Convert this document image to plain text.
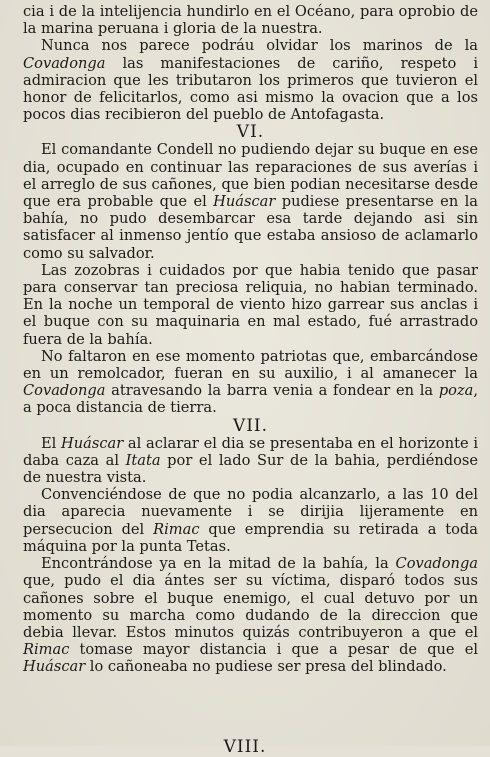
cia i de la intelijencia hundirlo en el Océano, para oprobio de la marina peruana i gloria de la nuestra.

Nunca nos parece podráu olvidar los marinos de la Covadonga las manifestaciones de cariño, respeto i admiracion que les tributaron los primeros que tuvieron el honor de felicitarlos, como asi mismo la ovacion que a los pocos dias recibieron del pueblo de Antofagasta.

VI.

El comandante Condell no pudiendo dejar su buque en ese dia, ocupado en continuar las reparaciones de sus averías i el arreglo de sus cañones, que bien podian necesitarse desde que era probable que el Huáscar pudiese presentarse en la bahía, no pudo desembarcar esa tarde dejando asi sin satisfacer al inmenso jentío que estaba ansioso de aclamarlo como su salvador.

Las zozobras i cuidados por que habia tenido que pasar para conservar tan preciosa reliquia, no habian terminado. En la noche un temporal de viento hizo garrear sus anclas i el buque con su maquinaria en mal estado, fué arrastrado fuera de la bahía.

No faltaron en ese momento patriotas que, embarcándose en un remolcador, fueran en su auxilio, i al amanecer la Covadonga atravesando la barra venia a fondear en la poza, a poca distancia de tierra.

VII.

El Huáscar al aclarar el dia se presentaba en el horizonte i daba caza al Itata por el lado Sur de la bahia, perdiéndose de nuestra vista.

Convenciéndose de que no podia alcanzarlo, a las 10 del dia aparecia nuevamente i se dirijia lijeramente en persecucion del Rimac que emprendia su retirada a toda máquina por la punta Tetas.

Encontrándose ya en la mitad de la bahía, la Covadonga que, pudo el dia ántes ser su víctima, disparó todos sus cañones sobre el buque enemigo, el cual detuvo por un momento su marcha como dudando de la direccion que debia llevar. Estos minutos quizás contribuyeron a que el Rimac tomase mayor distancia i que a pesar de que el Huáscar lo cañoneaba no pudiese ser presa del blindado.

VIII.
